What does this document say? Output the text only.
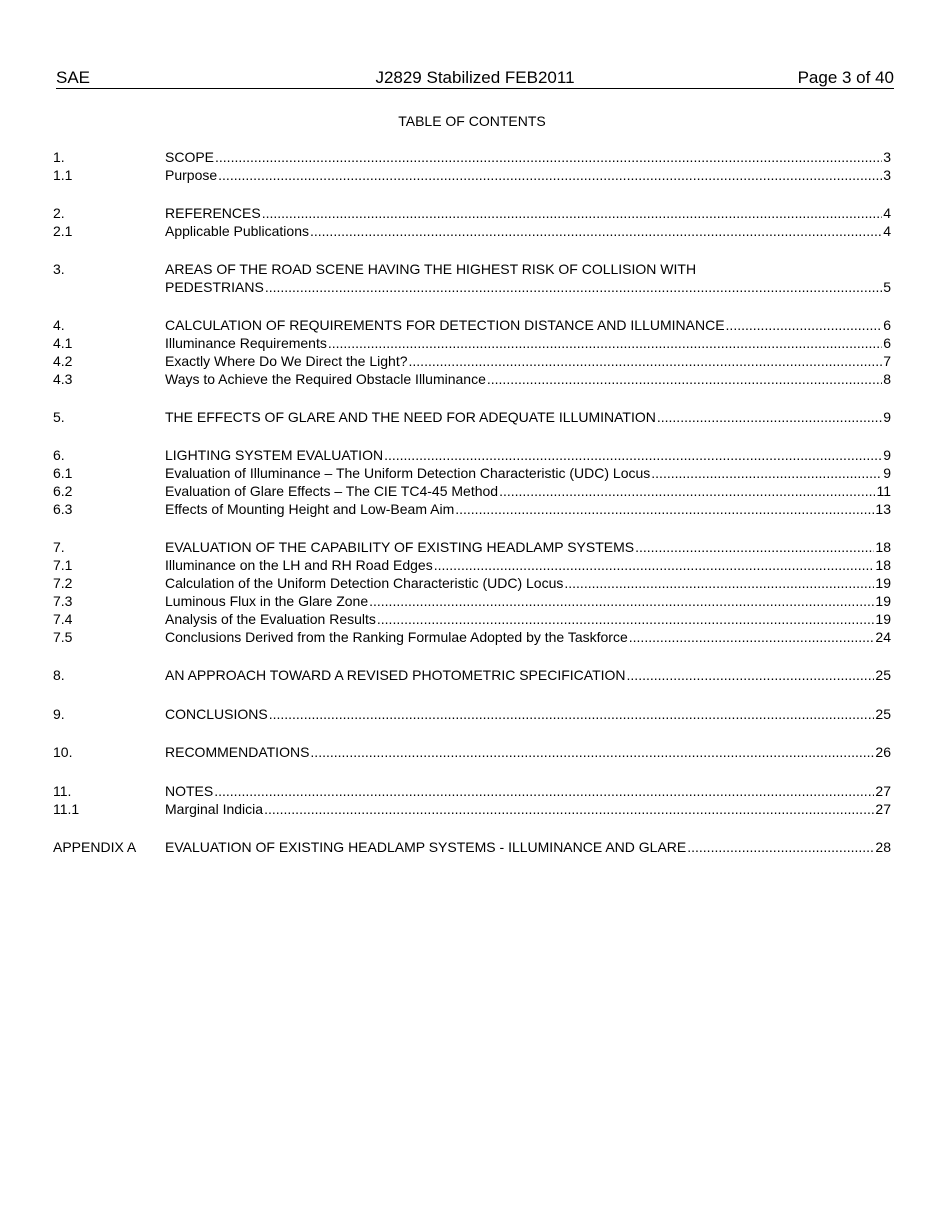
SAE	J2829 Stabilized FEB2011	Page 3 of 40
TABLE OF CONTENTS
1.	SCOPE .....	3
1.1	Purpose .....	3
2.	REFERENCES .....	4
2.1	Applicable Publications .....	4
3.	AREAS OF THE ROAD SCENE HAVING THE HIGHEST RISK OF COLLISION WITH
PEDESTRIANS .....	5
4.	CALCULATION OF REQUIREMENTS FOR DETECTION DISTANCE AND ILLUMINANCE .....	6
4.1	Illuminance Requirements .....	6
4.2	Exactly Where Do We Direct the Light? .....	7
4.3	Ways to Achieve the Required Obstacle Illuminance .....	8
5.	THE EFFECTS OF GLARE AND THE NEED FOR ADEQUATE ILLUMINATION .....	9
6.	LIGHTING SYSTEM EVALUATION .....	9
6.1	Evaluation of Illuminance – The Uniform Detection Characteristic (UDC) Locus .....	9
6.2	Evaluation of Glare Effects – The CIE TC4-45 Method .....	11
6.3	Effects of Mounting Height and Low-Beam Aim .....	13
7.	EVALUATION OF THE CAPABILITY OF EXISTING HEADLAMP SYSTEMS .....	18
7.1	Illuminance on the LH and RH Road Edges .....	18
7.2	Calculation of the Uniform Detection Characteristic (UDC) Locus .....	19
7.3	Luminous Flux in the Glare Zone .....	19
7.4	Analysis of the Evaluation Results .....	19
7.5	Conclusions Derived from the Ranking Formulae Adopted by the Taskforce .....	24
8.	AN APPROACH TOWARD A REVISED PHOTOMETRIC SPECIFICATION .....	25
9.	CONCLUSIONS .....	25
10.	RECOMMENDATIONS .....	26
11.	NOTES .....	27
11.1	Marginal Indicia .....	27
APPENDIX A	EVALUATION OF EXISTING HEADLAMP SYSTEMS - ILLUMINANCE AND GLARE .....	28
